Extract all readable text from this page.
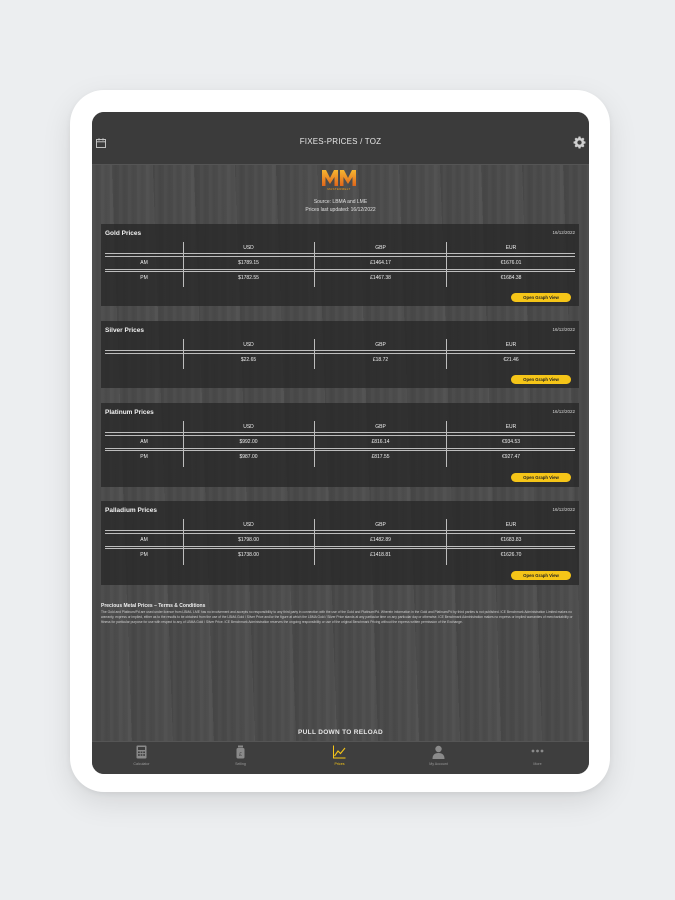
FIXES-PRICES / TOZ
MASTERMELT
Source: LBMA and LME
Prices last updated: 16/12/2022
Gold Prices	16/12/2022
USD	GBP	EUR
AM	$1789.15	£1464.17	€1676.01
PM	$1782.55	£1467.38	€1684.38
Open Graph View
Silver Prices	16/12/2022
USD	GBP	EUR
$22.65	£18.72	€21.46
Open Graph View
Platinum Prices	16/12/2022
USD	GBP	EUR
AM	$992.00	£816.14	€934.53
PM	$987.00	£817.55	€927.47
Open Graph View
Palladium Prices	16/12/2022
USD	GBP	EUR
AM	$1798.00	£1482.89	€1683.83
PM	$1738.00	£1418.81	€1626.70
Open Graph View
Precious Metal Prices – Terms & Conditions
The Gold and Platinum/Pd are used under licence from LBMA. LME has no involvement and accepts no responsibility to any third party in connection with the use of the Gold and Platinum/Pd. Wherein information in the Gold and Platinum/Pd by third parties is not published. ICE Benchmark Administration Limited makes no warranty, express or implied, either as to the results to be obtained from the use of the LBMA Gold / Silver Price and/or the figure at which the LBMA Gold / Silver Price stands at any particular time on any particular day or otherwise. ICE Benchmark Administration makes no express or implied warranties of merchantability or fitness for particular purpose for use with respect to any of LBMA Gold / Silver Price. ICE Benchmark Administration reserves the ongoing responsibility or use of the original Benchmark Pricing without the express written permission of the Exchange.
PULL DOWN TO RELOAD
Calculator
£
Selling	Prices	My Account	More
